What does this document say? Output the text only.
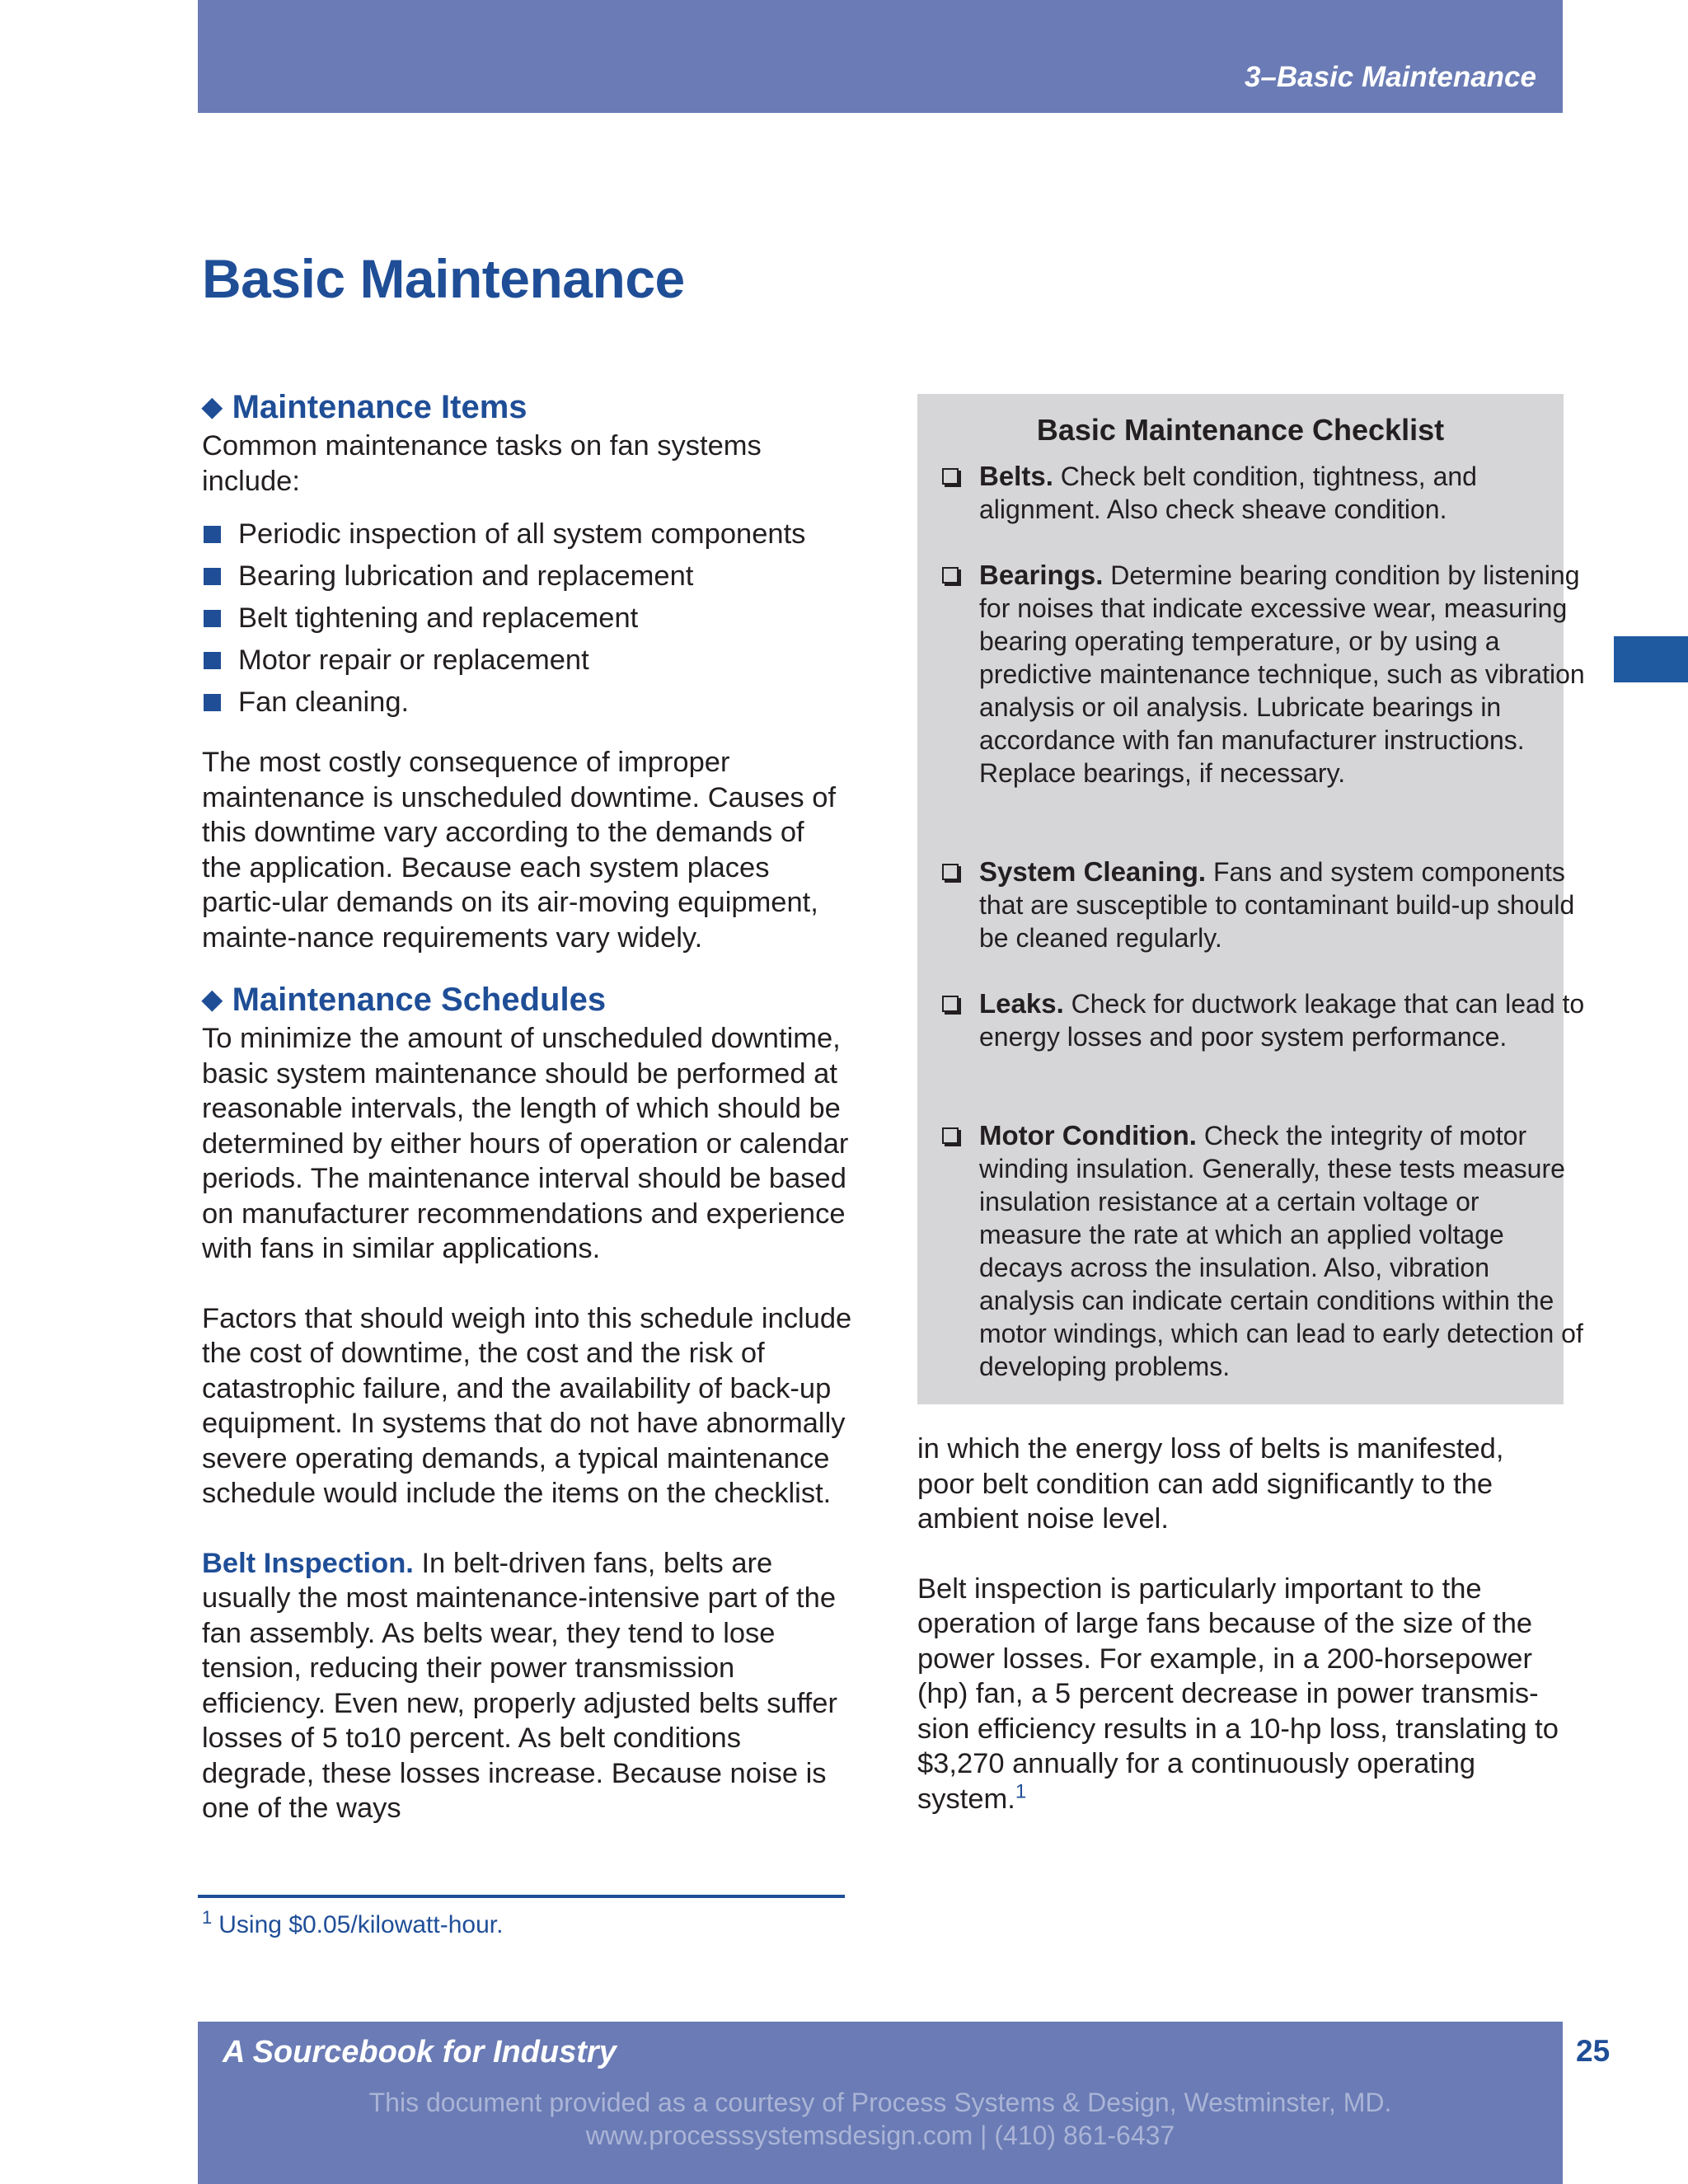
3–Basic Maintenance
Basic Maintenance
◆ Maintenance Items

Common maintenance tasks on fan systems include:

Periodic inspection of all system components
Bearing lubrication and replacement
Belt tightening and replacement
Motor repair or replacement
Fan cleaning.

The most costly consequence of improper maintenance is unscheduled downtime. Causes of this downtime vary according to the demands of the application. Because each system places partic-ular demands on its air-moving equipment, mainte-nance requirements vary widely.

◆ Maintenance Schedules

To minimize the amount of unscheduled downtime, basic system maintenance should be performed at reasonable intervals, the length of which should be determined by either hours of operation or calendar periods. The maintenance interval should be based on manufacturer recommendations and experience with fans in similar applications.

Factors that should weigh into this schedule include the cost of downtime, the cost and the risk of catastrophic failure, and the availability of back-up equipment. In systems that do not have abnormally severe operating demands, a typical maintenance schedule would include the items on the checklist.

Belt Inspection. In belt-driven fans, belts are usually the most maintenance-intensive part of the fan assembly. As belts wear, they tend to lose tension, reducing their power transmission efficiency. Even new, properly adjusted belts suffer losses of 5 to10 percent. As belt conditions degrade, these losses increase. Because noise is one of the ways

Basic Maintenance Checklist
Belts. Check belt condition, tightness, and alignment. Also check sheave condition.
Bearings. Determine bearing condition by listening for noises that indicate excessive wear, measuring bearing operating temperature, or by using a predictive maintenance technique, such as vibration analysis or oil analysis. Lubricate bearings in accordance with fan manufacturer instructions. Replace bearings, if necessary.
System Cleaning. Fans and system components that are susceptible to contaminant build-up should be cleaned regularly.
Leaks. Check for ductwork leakage that can lead to energy losses and poor system performance.
Motor Condition. Check the integrity of motor winding insulation. Generally, these tests measure insulation resistance at a certain voltage or measure the rate at which an applied voltage decays across the insulation. Also, vibration analysis can indicate certain conditions within the motor windings, which can lead to early detection of developing problems.

in which the energy loss of belts is manifested, poor belt condition can add significantly to the ambient noise level.

Belt inspection is particularly important to the operation of large fans because of the size of the power losses. For example, in a 200-horsepower (hp) fan, a 5 percent decrease in power transmis-sion efficiency results in a 10-hp loss, translating to $3,270 annually for a continuously operating system.$^1$

$^1$ Using $0.05/kilowatt-hour.
A Sourcebook for Industry
This document provided as a courtesy of Process Systems & Design, Westminster, MD.
www.processsystemsdesign.com | (410) 861-6437
25
